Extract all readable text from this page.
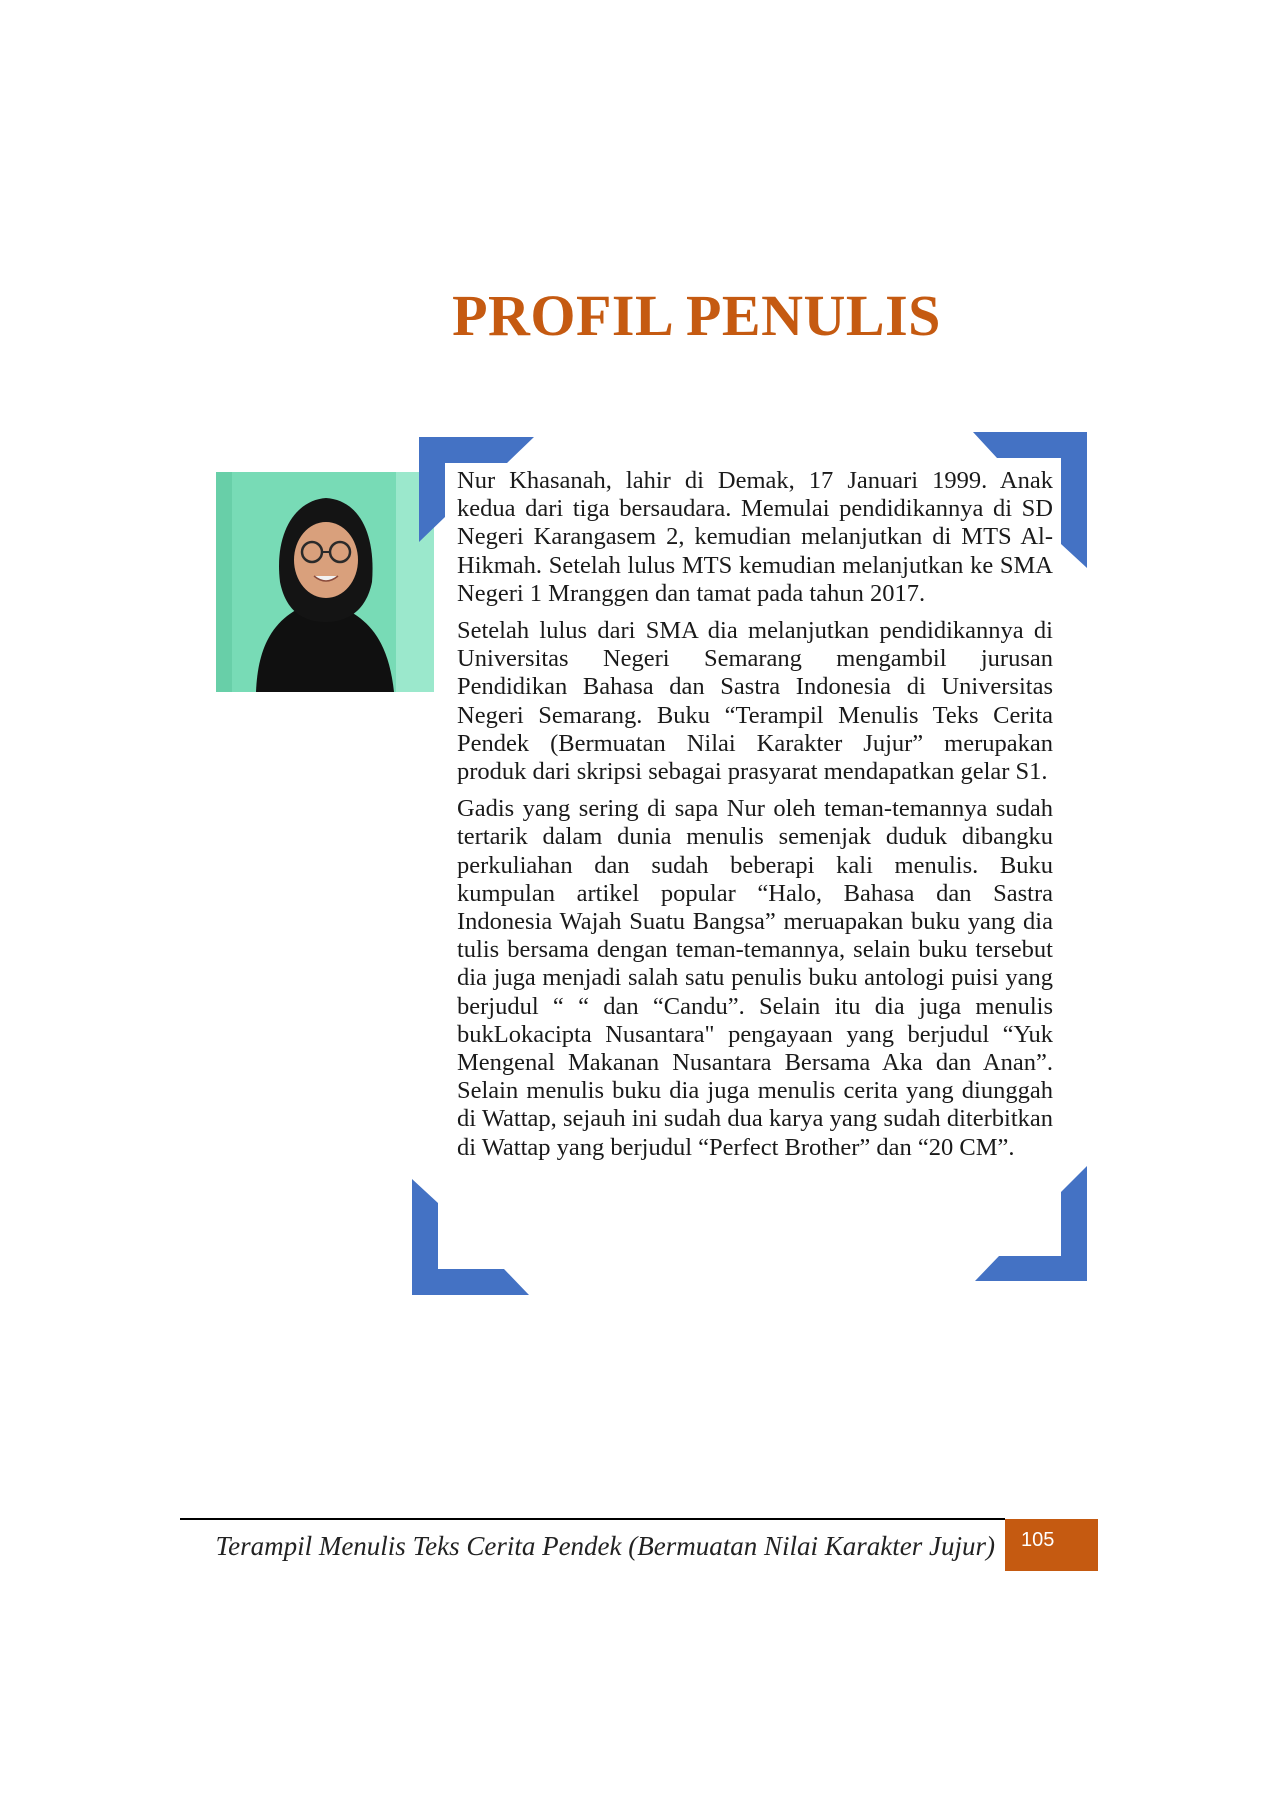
PROFIL PENULIS

Nur Khasanah, lahir di Demak, 17 Januari 1999. Anak kedua dari tiga bersaudara. Memulai pendidikannya di SD Negeri Karangasem 2, kemudian melanjutkan di MTS Al-Hikmah. Setelah lulus MTS kemudian melanjutkan ke SMA Negeri 1 Mranggen dan tamat pada tahun 2017.

Setelah lulus dari SMA dia melanjutkan pendidikannya di Universitas Negeri Semarang mengambil jurusan Pendidikan Bahasa dan Sastra Indonesia di Universitas Negeri Semarang. Buku “Terampil Menulis Teks Cerita Pendek (Bermuatan Nilai Karakter Jujur” merupakan produk dari skripsi sebagai prasyarat mendapatkan gelar S1.

Gadis yang sering di sapa Nur oleh teman-temannya sudah tertarik dalam dunia menulis semenjak duduk dibangku perkuliahan dan sudah beberapi kali menulis. Buku kumpulan artikel popular “Halo, Bahasa dan Sastra Indonesia Wajah Suatu Bangsa” meruapakan buku yang dia tulis bersama dengan teman-temannya, selain buku tersebut dia juga menjadi salah satu penulis buku antologi puisi yang berjudul “ “ dan “Candu”. Selain itu dia juga menulis bukLokacipta Nusantara" pengayaan yang berjudul “Yuk Mengenal Makanan Nusantara Bersama Aka dan Anan”. Selain menulis buku dia juga menulis cerita yang diunggah di Wattap, sejauh ini sudah dua karya yang sudah diterbitkan di Wattap yang berjudul “Perfect Brother” dan “20 CM”.

Terampil Menulis Teks Cerita Pendek (Bermuatan Nilai Karakter Jujur)	105
